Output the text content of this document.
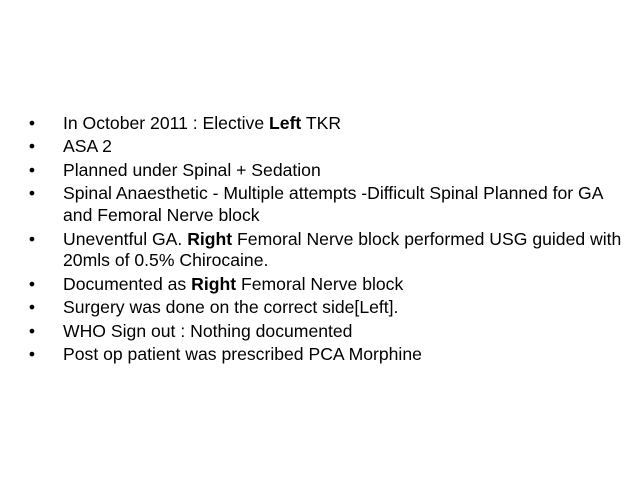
• In October 2011 : Elective Left TKR
• ASA 2
• Planned under Spinal + Sedation
• Spinal Anaesthetic - Multiple attempts -Difficult Spinal Planned for GA and Femoral Nerve block
• Uneventful GA. Right Femoral Nerve block performed USG guided with 20mls of 0.5% Chirocaine.
• Documented as Right Femoral Nerve block
• Surgery was done on the correct side[Left].
• WHO Sign out : Nothing documented
• Post op patient was prescribed PCA Morphine
